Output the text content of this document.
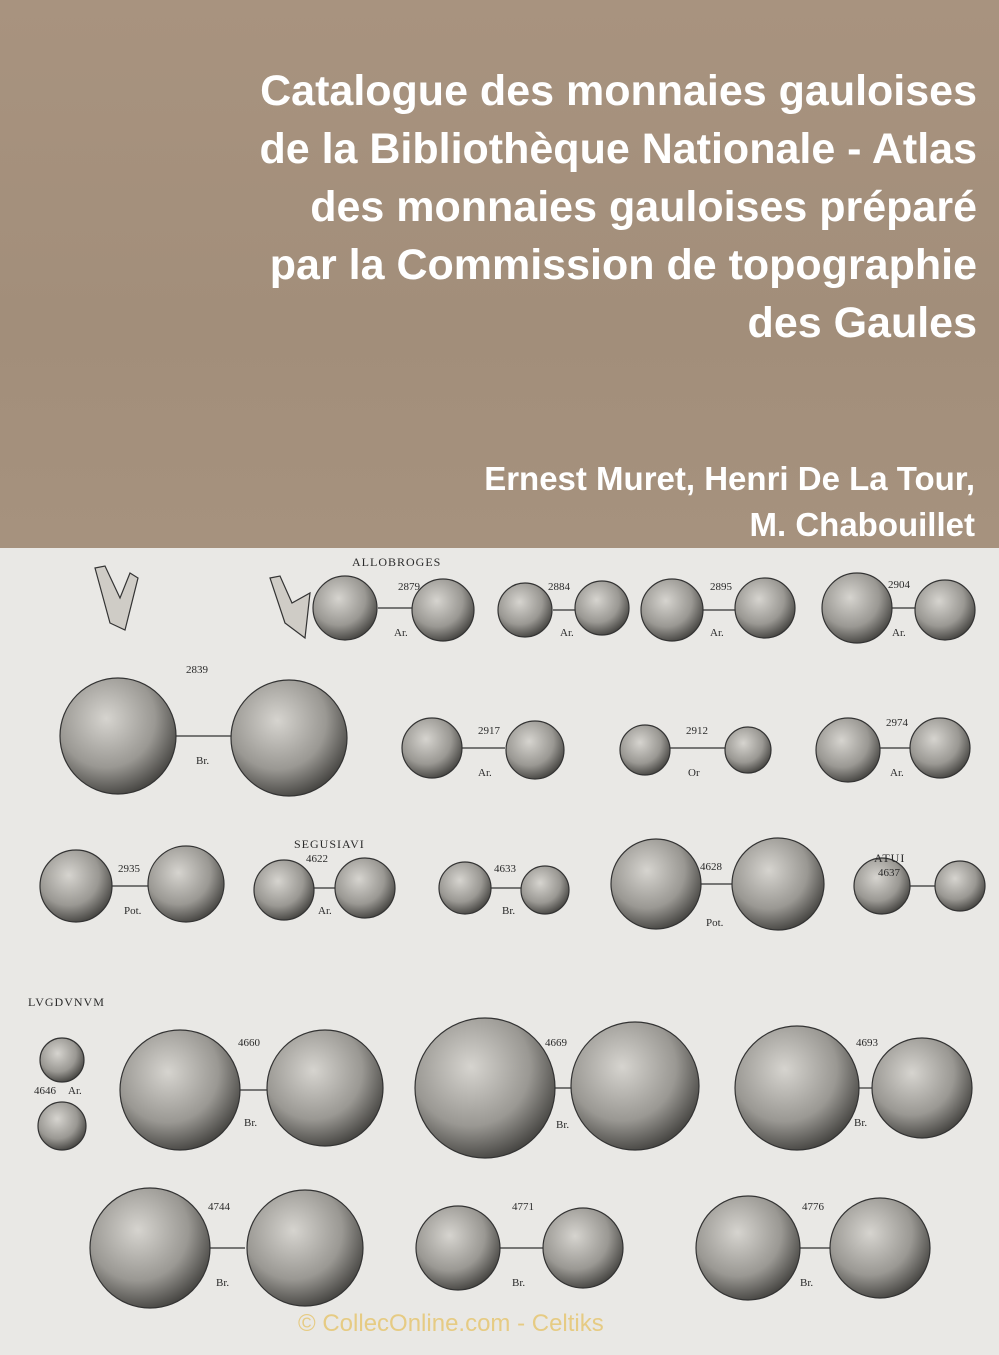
Catalogue des monnaies gauloises
de la Bibliothèque Nationale - Atlas
des monnaies gauloises préparé
par la Commission de topographie
des Gaules
Ernest Muret, Henri De La Tour,
M. Chabouillet
ALLOBROGES
SEGUSIAVI
ATUI
LVGDVNVM
2839
2879	2884	2895	2904
2917	2912
2974
2935
4622
4633	4628	4637
4646
4660	4669	4693
4744	4771	4776
Br.
Ar.	Ar.	Ar.	Ar.
Ar.	Or	Ar.
Pot.	Ar.	Br.
Pot.
Ar.
Br.	Br.	Br.
Br.	Br.	Br.
© CollecOnline.com - Celtiks
